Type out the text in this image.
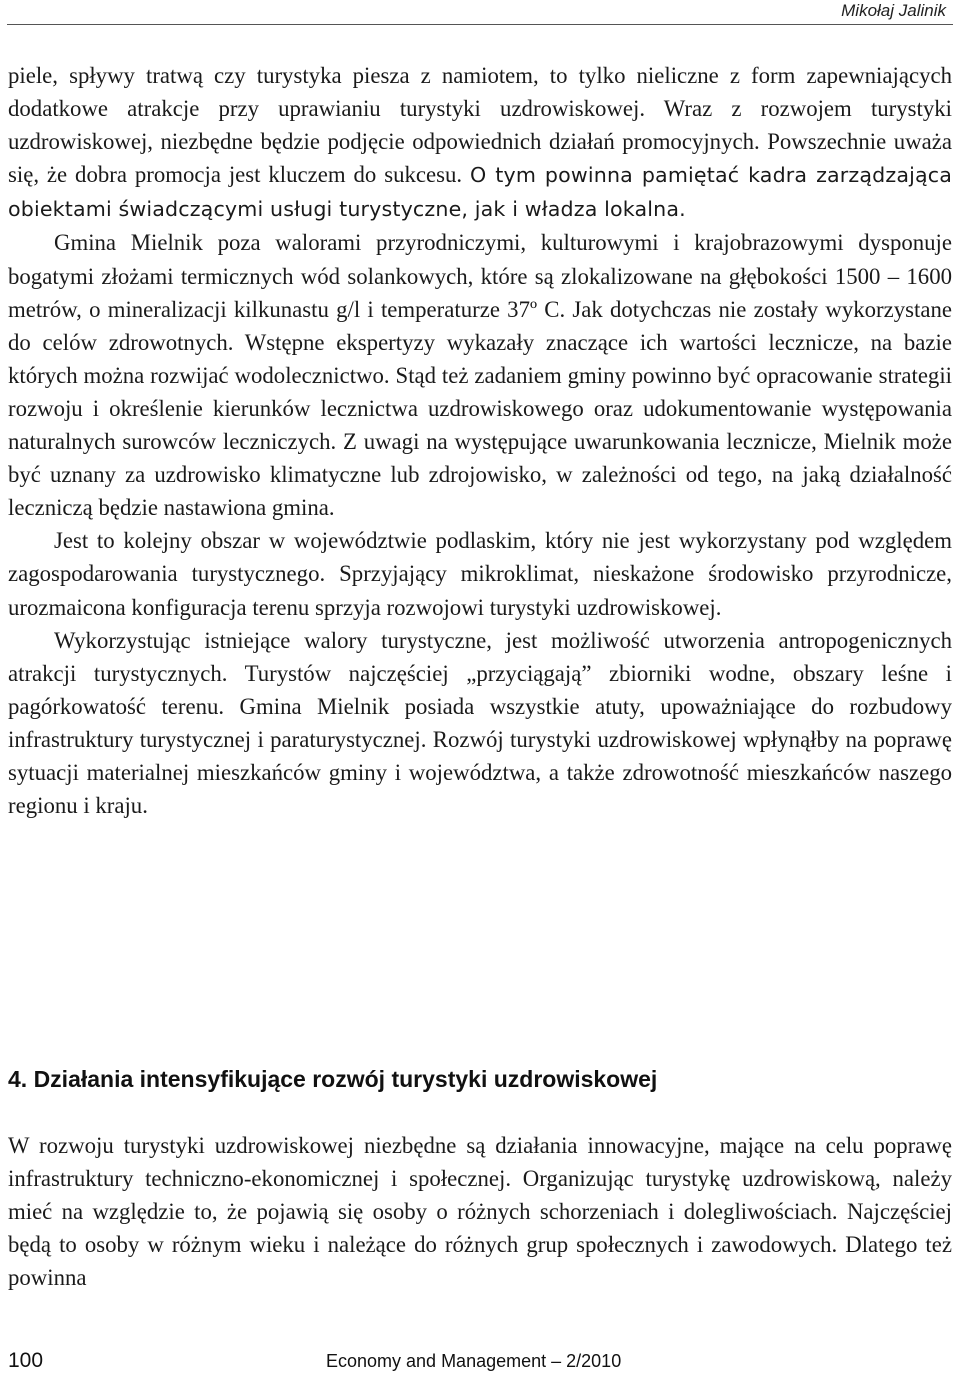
Mikołaj Jalinik

piele, spływy tratwą czy turystyka piesza z namiotem, to tylko nieliczne z form zapewniających dodatkowe atrakcje przy uprawianiu turystyki uzdrowiskowej. Wraz z rozwojem turystyki uzdrowiskowej, niezbędne będzie podjęcie odpowiednich działań promocyjnych. Powszechnie uważa się, że dobra promocja jest kluczem do sukcesu. O tym powinna pamiętać kadra zarządzająca obiektami świadczącymi usługi turystyczne, jak i władza lokalna.

Gmina Mielnik poza walorami przyrodniczymi, kulturowymi i krajobrazowymi dysponuje bogatymi złożami termicznych wód solankowych, które są zlokalizowane na głębokości 1500 – 1600 metrów, o mineralizacji kilkunastu g/l i temperaturze 37º C. Jak dotychczas nie zostały wykorzystane do celów zdrowotnych. Wstępne ekspertyzy wykazały znaczące ich wartości lecznicze, na bazie których można rozwijać wodolecznictwo. Stąd też zadaniem gminy powinno być opracowanie strategii rozwoju i określenie kierunków lecznictwa uzdrowiskowego oraz udokumentowanie występowania naturalnych surowców leczniczych. Z uwagi na występujące uwarunkowania lecznicze, Mielnik może być uznany za uzdrowisko klimatyczne lub zdrojowisko, w zależności od tego, na jaką działalność leczniczą będzie nastawiona gmina.

Jest to kolejny obszar w województwie podlaskim, który nie jest wykorzystany pod względem zagospodarowania turystycznego. Sprzyjający mikroklimat, nieskażone środowisko przyrodnicze, urozmaicona konfiguracja terenu sprzyja rozwojowi turystyki uzdrowiskowej.

Wykorzystując istniejące walory turystyczne, jest możliwość utworzenia antropogenicznych atrakcji turystycznych. Turystów najczęściej „przyciągają” zbiorniki wodne, obszary leśne i pagórkowatość terenu. Gmina Mielnik posiada wszystkie atuty, upoważniające do rozbudowy infrastruktury turystycznej i paraturystycznej. Rozwój turystyki uzdrowiskowej wpłynąłby na poprawę sytuacji materialnej mieszkańców gminy i województwa, a także zdrowotność mieszkańców naszego regionu i kraju.

4. Działania intensyfikujące rozwój turystyki uzdrowiskowej

W rozwoju turystyki uzdrowiskowej niezbędne są działania innowacyjne, mające na celu poprawę infrastruktury techniczno-ekonomicznej i społecznej. Organizując turystykę uzdrowiskową, należy mieć na względzie to, że pojawią się osoby o różnych schorzeniach i dolegliwościach. Najczęściej będą to osoby w różnym wieku i należące do różnych grup społecznych i zawodowych. Dlatego też powinna

100	Economy and Management – 2/2010
